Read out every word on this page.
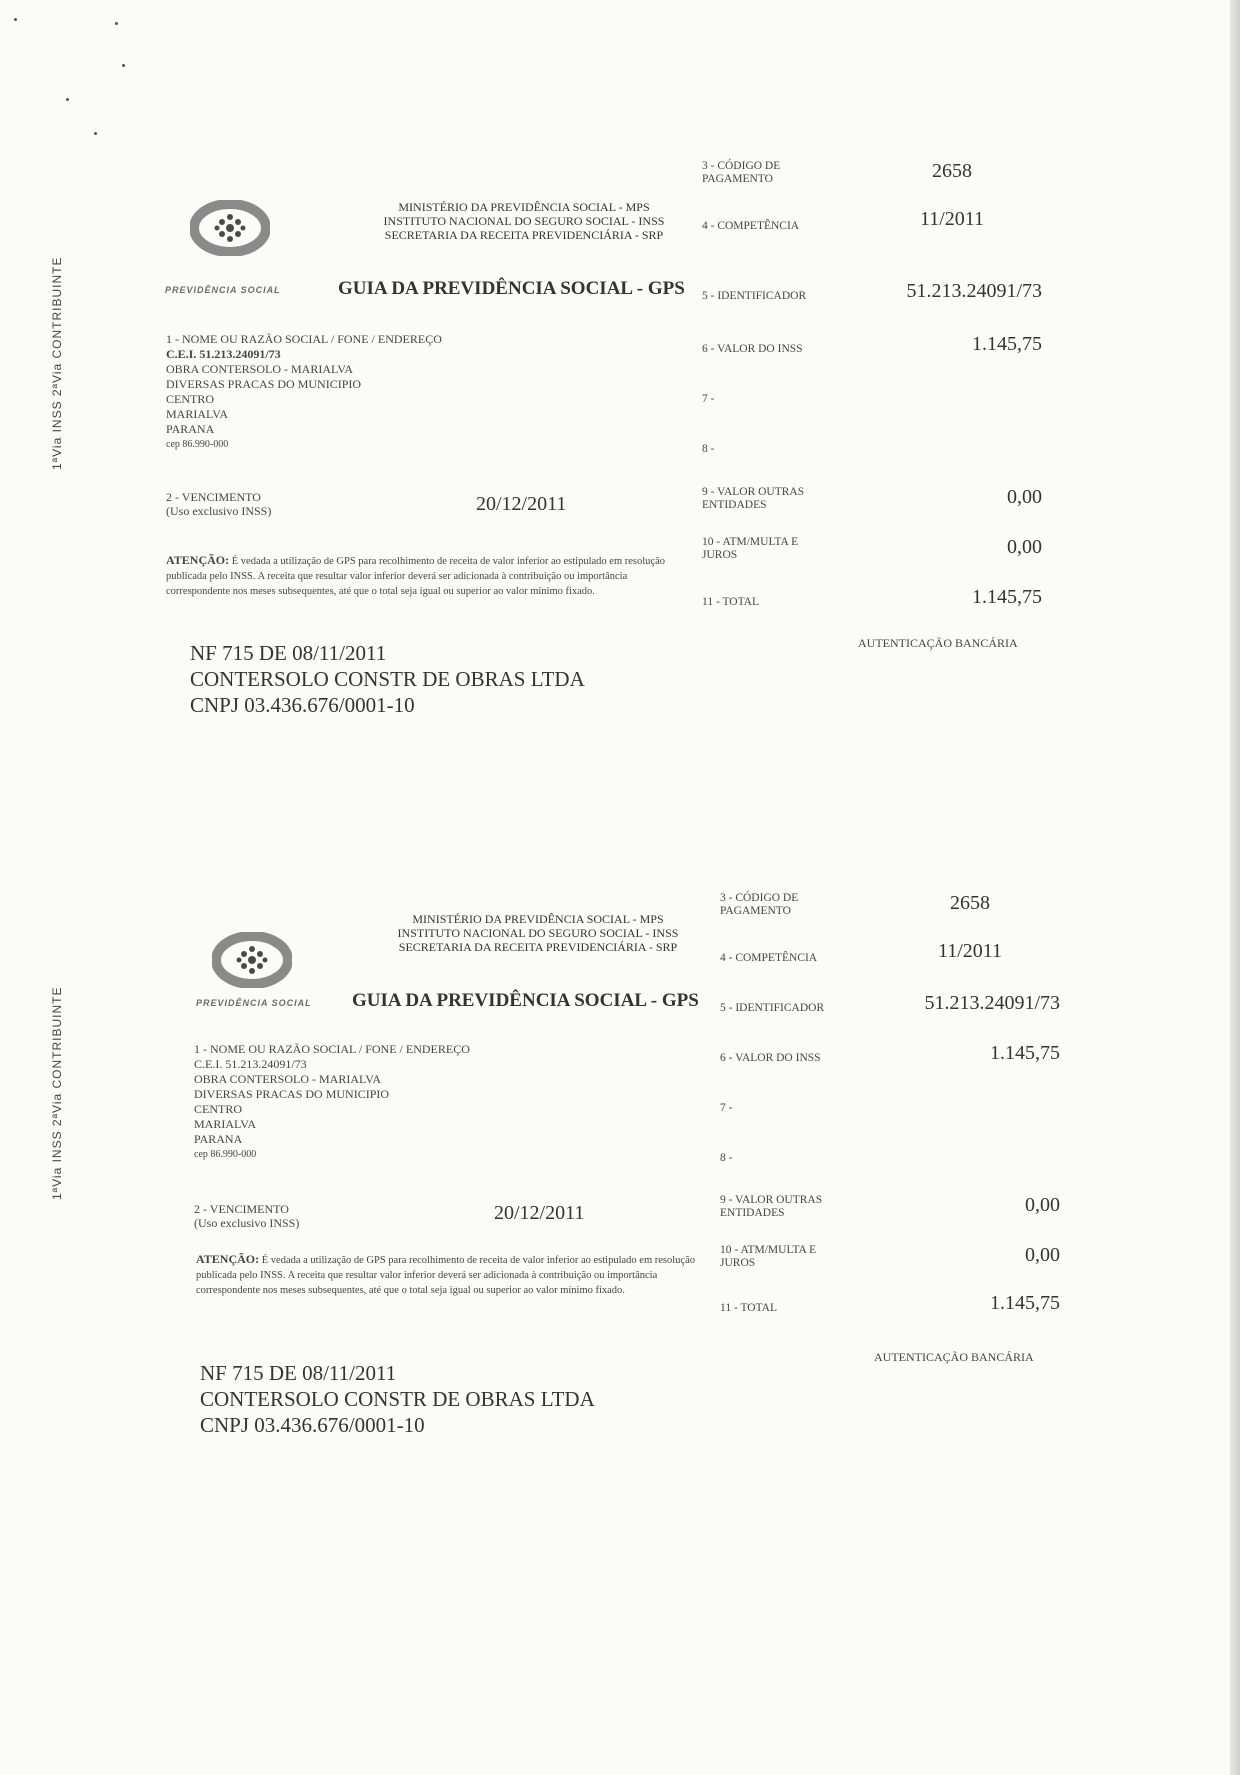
1ªVia INSS 2ªVia CONTRIBUINTE	PREVIDÊNCIA SOCIAL
MINISTÉRIO DA PREVIDÊNCIA SOCIAL - MPS
INSTITUTO NACIONAL DO SEGURO SOCIAL - INSS
SECRETARIA DA RECEITA PREVIDENCIÁRIA - SRP
GUIA DA PREVIDÊNCIA SOCIAL - GPS
1 - NOME OU RAZÃO SOCIAL / FONE / ENDEREÇO
C.E.I. 51.213.24091/73
OBRA CONTERSOLO - MARIALVA
DIVERSAS PRACAS DO MUNICIPIO
CENTRO
MARIALVA
PARANA
cep 86.990-000
2 - VENCIMENTO
(Uso exclusivo INSS)	20/12/2011
ATENÇÃO: É vedada a utilização de GPS para recolhimento de receita de valor inferior ao estipulado em resolução publicada pelo INSS. A receita que resultar valor inferior deverá ser adicionada à contribuição ou importância correspondente nos meses subsequentes, até que o total seja igual ou superior ao valor mínimo fixado.
3 - CÓDIGO DE PAGAMENTO	2658
4 - COMPETÊNCIA	11/2011
5 - IDENTIFICADOR	51.213.24091/73
6 - VALOR DO INSS	1.145,75
7 -
8 -
9 - VALOR OUTRAS ENTIDADES	0,00
10 - ATM/MULTA E JUROS	0,00
11 - TOTAL	1.145,75
AUTENTICAÇÃO BANCÁRIA
NF 715 DE 08/11/2011
CONTERSOLO CONSTR DE OBRAS LTDA
CNPJ 03.436.676/0001-10
1ªVia INSS 2ªVia CONTRIBUINTE	PREVIDÊNCIA SOCIAL
MINISTÉRIO DA PREVIDÊNCIA SOCIAL - MPS
INSTITUTO NACIONAL DO SEGURO SOCIAL - INSS
SECRETARIA DA RECEITA PREVIDENCIÁRIA - SRP
GUIA DA PREVIDÊNCIA SOCIAL - GPS
1 - NOME OU RAZÃO SOCIAL / FONE / ENDEREÇO
C.E.I. 51.213.24091/73
OBRA CONTERSOLO - MARIALVA
DIVERSAS PRACAS DO MUNICIPIO
CENTRO
MARIALVA
PARANA
cep 86.990-000
2 - VENCIMENTO
(Uso exclusivo INSS)	20/12/2011
ATENÇÃO: É vedada a utilização de GPS para recolhimento de receita de valor inferior ao estipulado em resolução publicada pelo INSS. A receita que resultar valor inferior deverá ser adicionada à contribuição ou importância correspondente nos meses subsequentes, até que o total seja igual ou superior ao valor mínimo fixado.
3 - CÓDIGO DE PAGAMENTO	2658
4 - COMPETÊNCIA	11/2011
5 - IDENTIFICADOR	51.213.24091/73
6 - VALOR DO INSS	1.145,75
7 -
8 -
9 - VALOR OUTRAS ENTIDADES	0,00
10 - ATM/MULTA E JUROS	0,00
11 - TOTAL	1.145,75
AUTENTICAÇÃO BANCÁRIA
NF 715 DE 08/11/2011
CONTERSOLO CONSTR DE OBRAS LTDA
CNPJ 03.436.676/0001-10
